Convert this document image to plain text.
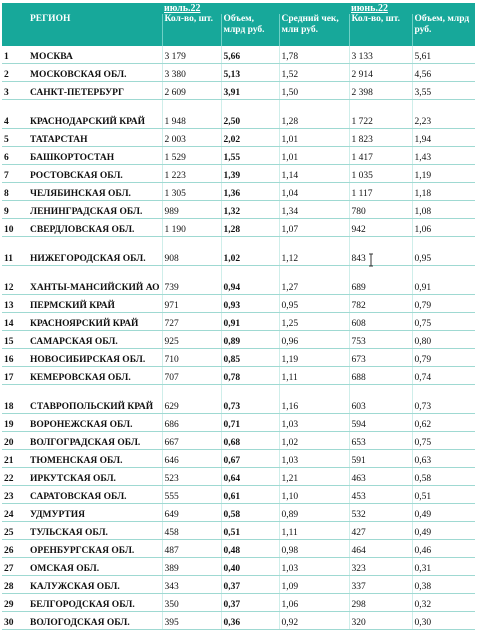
		июль.22			июнь.22	
	РЕГИОН	Кол-во, шт.	Объем, млрд руб.	Средний чек, млн руб.	Кол-во, шт.	Объем, млрд руб.
1	МОСКВА	3 179	5,66	1,78	3 133	5,61
2	МОСКОВСКАЯ ОБЛ.	3 380	5,13	1,52	2 914	4,56
3	САНКТ-ПЕТЕРБУРГ	2 609	3,91	1,50	2 398	3,55
4	КРАСНОДАРСКИЙ КРАЙ	1 948	2,50	1,28	1 722	2,23
5	ТАТАРСТАН	2 003	2,02	1,01	1 823	1,94
6	БАШКОРТОСТАН	1 529	1,55	1,01	1 417	1,43
7	РОСТОВСКАЯ ОБЛ.	1 223	1,39	1,14	1 035	1,19
8	ЧЕЛЯБИНСКАЯ ОБЛ.	1 305	1,36	1,04	1 117	1,18
9	ЛЕНИНГРАДСКАЯ ОБЛ.	989	1,32	1,34	780	1,08
10	СВЕРДЛОВСКАЯ ОБЛ.	1 190	1,28	1,07	942	1,06
11	НИЖЕГОРОДСКАЯ ОБЛ.	908	1,02	1,12	843	0,95
12	ХАНТЫ-МАНСИЙСКИЙ АО	739	0,94	1,27	689	0,91
13	ПЕРМСКИЙ КРАЙ	971	0,93	0,95	782	0,79
14	КРАСНОЯРСКИЙ КРАЙ	727	0,91	1,25	608	0,75
15	САМАРСКАЯ ОБЛ.	925	0,89	0,96	753	0,80
16	НОВОСИБИРСКАЯ ОБЛ.	710	0,85	1,19	673	0,79
17	КЕМЕРОВСКАЯ ОБЛ.	707	0,78	1,11	688	0,74
18	СТАВРОПОЛЬСКИЙ КРАЙ	629	0,73	1,16	603	0,73
19	ВОРОНЕЖСКАЯ ОБЛ.	686	0,71	1,03	594	0,62
20	ВОЛГОГРАДСКАЯ ОБЛ.	667	0,68	1,02	653	0,75
21	ТЮМЕНСКАЯ ОБЛ.	646	0,67	1,03	591	0,63
22	ИРКУТСКАЯ ОБЛ.	523	0,64	1,21	463	0,58
23	САРАТОВСКАЯ ОБЛ.	555	0,61	1,10	453	0,51
24	УДМУРТИЯ	649	0,58	0,89	532	0,49
25	ТУЛЬСКАЯ ОБЛ.	458	0,51	1,11	427	0,49
26	ОРЕНБУРГСКАЯ ОБЛ.	487	0,48	0,98	464	0,46
27	ОМСКАЯ ОБЛ.	389	0,40	1,03	323	0,31
28	КАЛУЖСКАЯ ОБЛ.	343	0,37	1,09	337	0,38
29	БЕЛГОРОДСКАЯ ОБЛ.	350	0,37	1,06	298	0,32
30	ВОЛОГОДСКАЯ ОБЛ.	395	0,36	0,92	320	0,30
